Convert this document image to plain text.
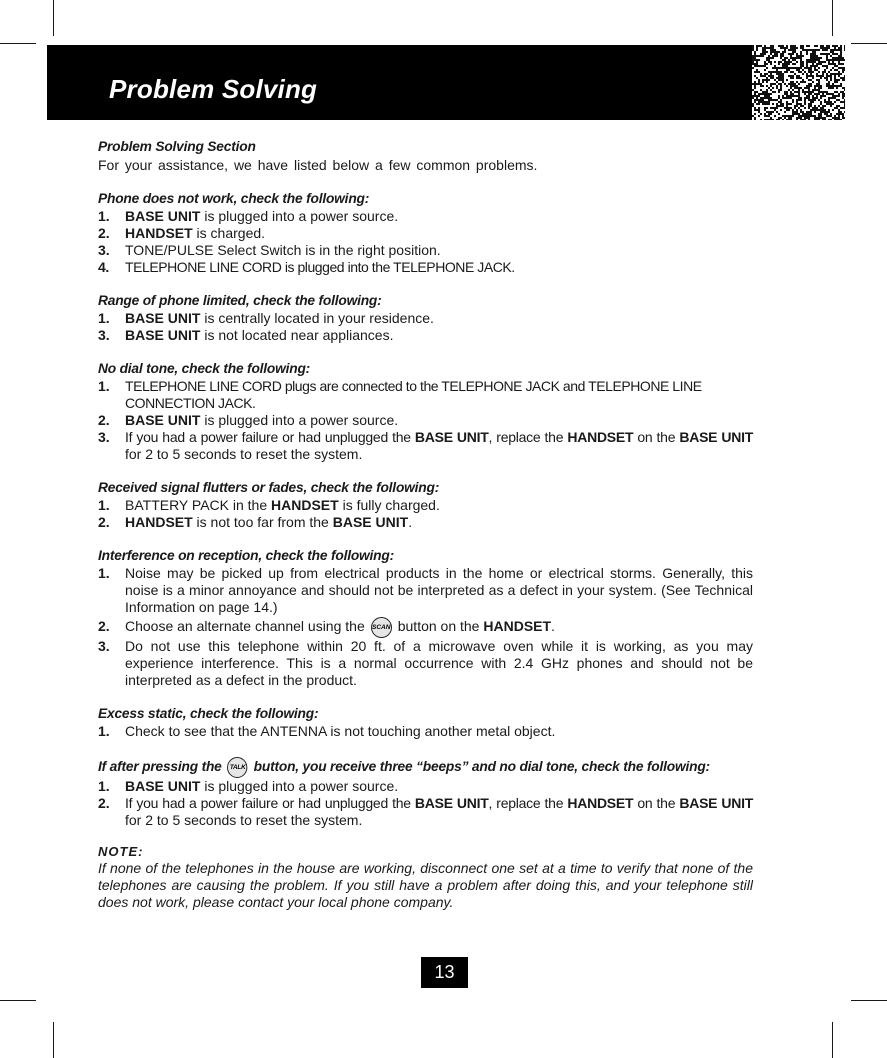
Problem Solving
Problem Solving Section
For your assistance, we have listed below a few common problems.
Phone does not work, check the following:
1. BASE UNIT is plugged into a power source.
2. HANDSET is charged.
3. TONE/PULSE Select Switch is in the right position.
4. TELEPHONE LINE CORD is plugged into the TELEPHONE JACK.
Range of phone limited, check the following:
1. BASE UNIT is centrally located in your residence.
3. BASE UNIT is not located near appliances.
No dial tone, check the following:
1. TELEPHONE LINE CORD plugs are connected to the TELEPHONE JACK and TELEPHONE LINE CONNECTION JACK.
2. BASE UNIT is plugged into a power source.
3. If you had a power failure or had unplugged the BASE UNIT, replace the HANDSET on the BASE UNIT for 2 to 5 seconds to reset the system.
Received signal flutters or fades, check the following:
1. BATTERY PACK in the HANDSET is fully charged.
2. HANDSET is not too far from the BASE UNIT.
Interference on reception, check the following:
1. Noise may be picked up from electrical products in the home or electrical storms. Generally, this noise is a minor annoyance and should not be interpreted as a defect in your system. (See Technical Information on page 14.)
2. Choose an alternate channel using the SCAN button on the HANDSET.
3. Do not use this telephone within 20 ft. of a microwave oven while it is working, as you may experience interference. This is a normal occurrence with 2.4 GHz phones and should not be interpreted as a defect in the product.
Excess static, check the following:
1. Check to see that the ANTENNA is not touching another metal object.
If after pressing the TALK button, you receive three “beeps” and no dial tone, check the following:
1. BASE UNIT is plugged into a power source.
2. If you had a power failure or had unplugged the BASE UNIT, replace the HANDSET on the BASE UNIT for 2 to 5 seconds to reset the system.
NOTE:
If none of the telephones in the house are working, disconnect one set at a time to verify that none of the telephones are causing the problem. If you still have a problem after doing this, and your telephone still does not work, please contact your local phone company.
13
